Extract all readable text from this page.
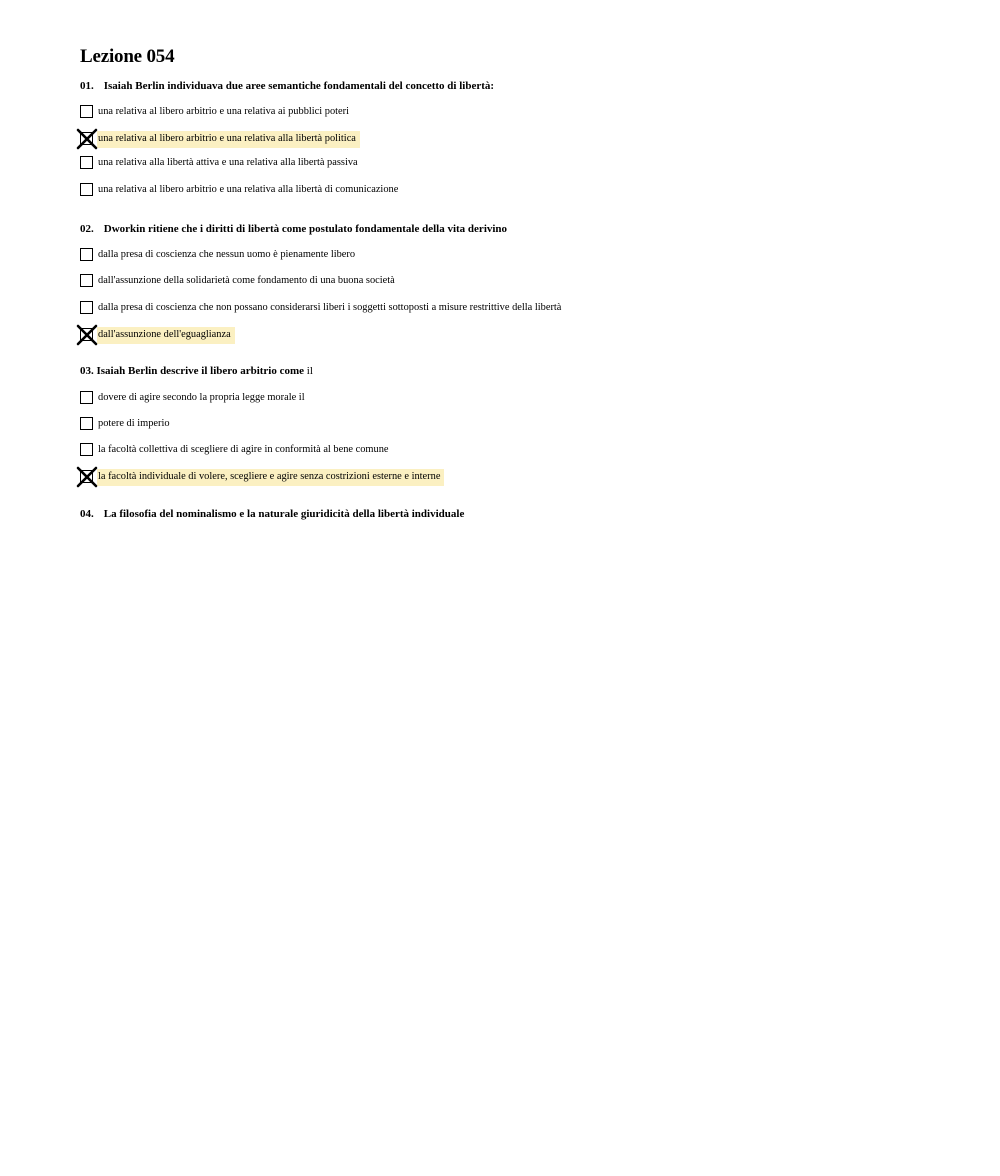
'
Lezione 054
01. Isaiah Berlin individuava due aree semantiche fondamentali del concetto di libertà:
una relativa al libero arbitrio e una relativa ai pubblici poteri
una relativa al libero arbitrio e una relativa alla libertà politica
una relativa alla libertà attiva e una relativa alla libertà passiva
una relativa al libero arbitrio e una relativa alla libertà di comunicazione
02. Dworkin ritiene che i diritti di libertà come postulato fondamentale della vita derivino
dalla presa di coscienza che nessun uomo è pienamente libero
dall'assunzione della solidarietà come fondamento di una buona società
dalla presa di coscienza che non possano considerarsi liberi i soggetti sottoposti a misure restrittive della libertà
dall'assunzione dell'eguaglianza
03. Isaiah Berlin descrive il libero arbitrio come il
dovere di agire secondo la propria legge morale il
potere di imperio
la facoltà collettiva di scegliere di agire in conformità al bene comune
la facoltà individuale di volere, scegliere e agire senza costrizioni esterne e interne
04. La filosofia del nominalismo e la naturale giuridicità della libertà individuale
